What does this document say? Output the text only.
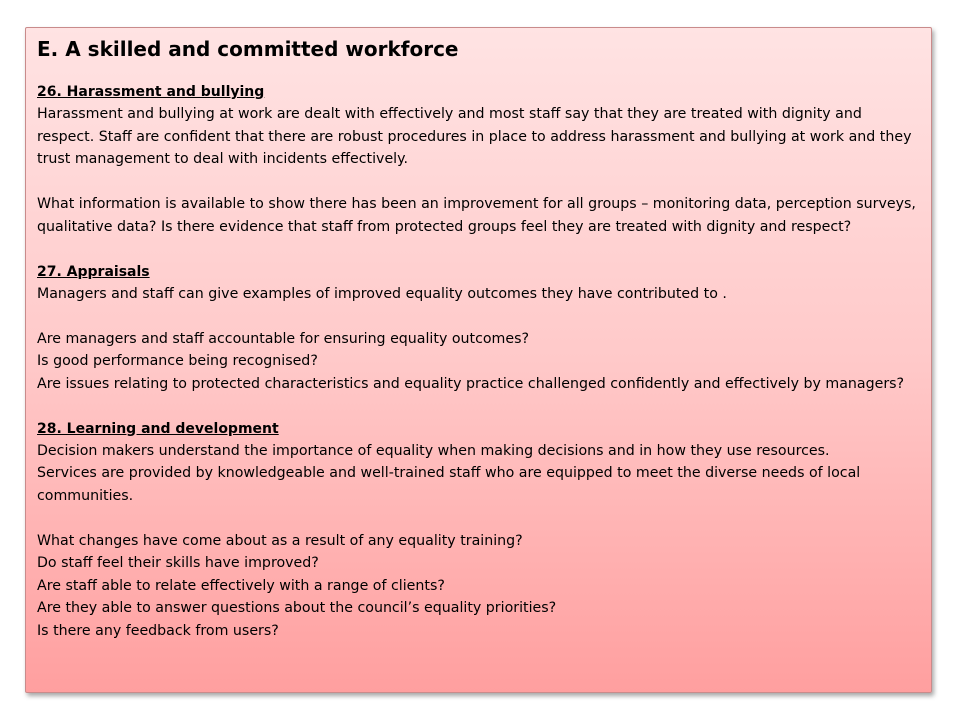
E. A skilled and committed workforce
26. Harassment and bullying

Harassment and bullying at work are dealt with effectively and most staff say that they are treated with dignity and respect. Staff are confident that there are robust procedures in place to address harassment and bullying at work and they trust management to deal with incidents effectively.

What information is available to show there has been an improvement for all groups – monitoring data, perception surveys, qualitative data? Is there evidence that staff from protected groups feel they are treated with dignity and respect?

27. Appraisals

Managers and staff can give examples of improved equality outcomes they have contributed to .

Are managers and staff accountable for ensuring equality outcomes?

Is good performance being recognised?

Are issues relating to protected characteristics and equality practice challenged confidently and effectively by managers?

28. Learning and development

Decision makers understand the importance of equality when making decisions and in how they use resources.

Services are provided by knowledgeable and well-trained staff who are equipped to meet the diverse needs of local communities.

What changes have come about as a result of any equality training?

Do staff feel their skills have improved?

Are staff able to relate effectively with a range of clients?

Are they able to answer questions about the council’s equality priorities?

Is there any feedback from users?
